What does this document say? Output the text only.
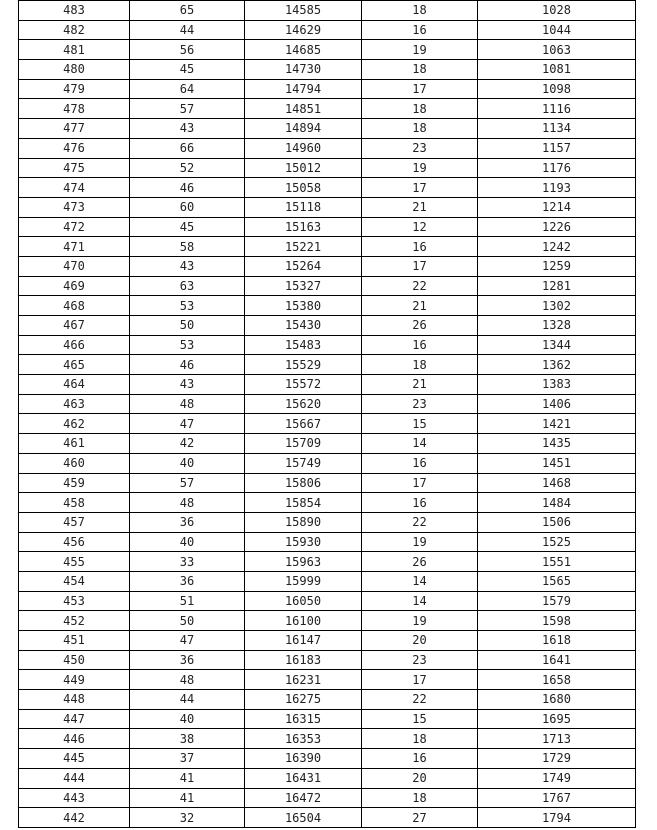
483	65	14585	18	1028
482	44	14629	16	1044
481	56	14685	19	1063
480	45	14730	18	1081
479	64	14794	17	1098
478	57	14851	18	1116
477	43	14894	18	1134
476	66	14960	23	1157
475	52	15012	19	1176
474	46	15058	17	1193
473	60	15118	21	1214
472	45	15163	12	1226
471	58	15221	16	1242
470	43	15264	17	1259
469	63	15327	22	1281
468	53	15380	21	1302
467	50	15430	26	1328
466	53	15483	16	1344
465	46	15529	18	1362
464	43	15572	21	1383
463	48	15620	23	1406
462	47	15667	15	1421
461	42	15709	14	1435
460	40	15749	16	1451
459	57	15806	17	1468
458	48	15854	16	1484
457	36	15890	22	1506
456	40	15930	19	1525
455	33	15963	26	1551
454	36	15999	14	1565
453	51	16050	14	1579
452	50	16100	19	1598
451	47	16147	20	1618
450	36	16183	23	1641
449	48	16231	17	1658
448	44	16275	22	1680
447	40	16315	15	1695
446	38	16353	18	1713
445	37	16390	16	1729
444	41	16431	20	1749
443	41	16472	18	1767
442	32	16504	27	1794
